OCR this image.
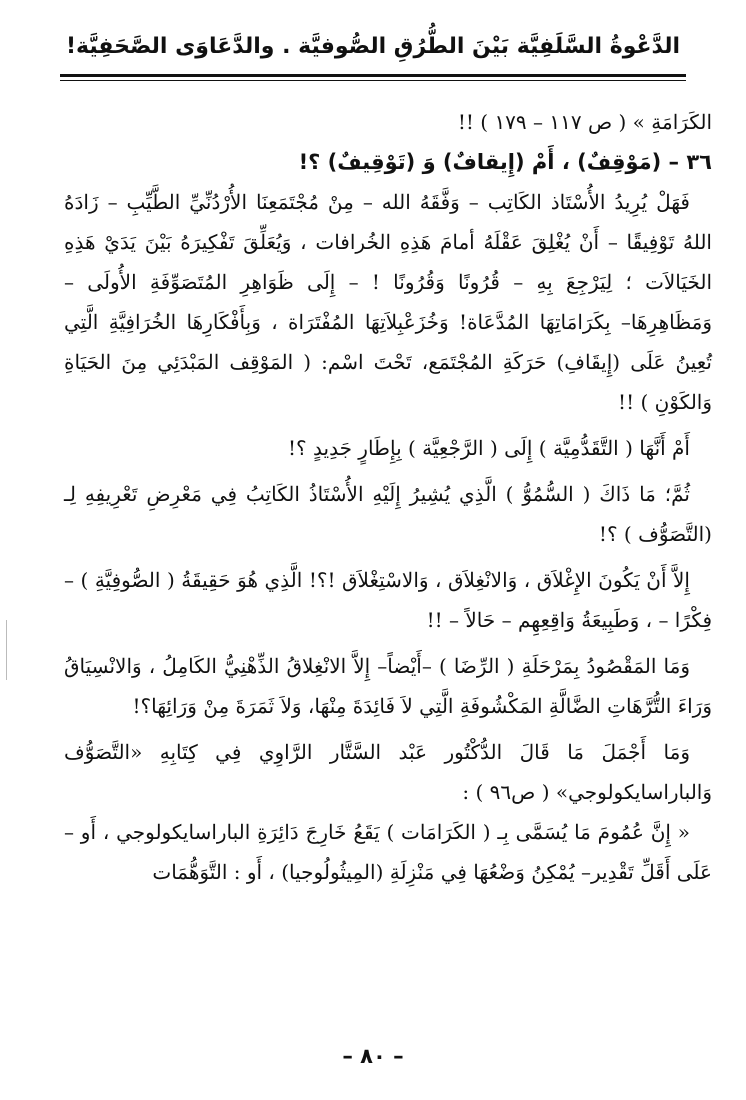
الدَّعْوةُ السَّلَفِيَّة بَيْنَ الطُّرُقِ الصُّوفيَّة . والدَّعَاوَى الصَّحَفِيَّة!

الكَرَامَةِ » ( ص ١١٧ – ١٧٩ ) !!

٣٦ – (مَوْقِفٌ) ، أَمْ (إِيقافٌ) وَ (تَوْقِيفٌ) ؟!

فَهَلْ يُرِيدُ الأُسْتَاذ الكَاتِب – وَفَّقَهُ الله – مِنْ مُجْتَمَعِنَا الأُرْدُنِّيِّ الطَّيِّبِ – زَادَهُ اللهُ تَوْفِيقًا – أَنْ يُغْلِقَ عَقْلَهُ أمامَ هَذِهِ الخُرافات ، وَيُعَلِّقَ تَفْكِيرَهُ بَيْنَ يَدَيْ هَذِهِ الخَيَالاَت ؛ لِيَرْجِعَ بِهِ – قُرُونًا وَقُرُونًا ! – إِلَى ظَوَاهِرِ المُتَصَوِّفَةِ الأُولَى –وَمَظَاهِرِهَا– بِكَرَامَاتِهَا المُدَّعَاة! وَخُزَعْبِلاَتِهَا المُفْتَرَاة ، وَبِأَفْكَارِهَا الخُرَافِيَّةِ الَّتِي تُعِينُ عَلَى (إِيقَافِ) حَرَكَةِ المُجْتَمَع، تَحْتَ اسْم: ( المَوْقِف المَبْدَئِي مِنَ الحَيَاةِ وَالكَوْنِ ) !!

أَمْ أَنَّهَا ( التَّقَدُّمِيَّة ) إِلَى ( الرَّجْعِيَّة ) بِإِطَارٍ جَدِيدٍ ؟!

ثُمَّ؛ مَا ذَاكَ ( السُّمُوُّ ) الَّذِي يُشِيرُ إِلَيْهِ الأُسْتَاذُ الكَاتِبُ فِي مَعْرِضِ تَعْرِيفِهِ لِـ (التَّصَوُّف ) ؟!

إِلاَّ أَنْ يَكُونَ الإِغْلاَق ، وَالانْغِلاَق ، وَالاسْتِغْلاَق !؟! الَّذِي هُوَ حَقِيقَةُ ( الصُّوفِيَّةِ ) – فِكْرًا – ، وَطَبِيعَةُ وَاقِعِهِم – حَالاً – !!

وَمَا المَقْصُودُ بِمَرْحَلَةِ ( الرِّضَا ) –أَيْضاً– إِلاَّ الانْغِلاقُ الذِّهْنِيُّ الكَامِلُ ، وَالانْسِيَاقُ وَرَاءَ التُّرَّهَاتِ الضَّالَّةِ المَكْشُوفَةِ الَّتِي لاَ فَائِدَةَ مِنْهَا، وَلاَ ثَمَرَةَ مِنْ وَرَائِهَا؟!

وَمَا أَجْمَلَ مَا قَالَ الدُّكْتُور عَبْد السَّتَّار الرَّاوِي فِي كِتَابِهِ «التَّصَوُّف وَالباراسايكولوجي» ( ص٩٦ ) :

« إِنَّ عُمُومَ مَا يُسَمَّى بِـ ( الكَرَامَات ) يَقَعُ خَارِجَ دَائِرَةِ الباراسايكولوجي ، أَو –عَلَى أَقَلِّ تَقْدِير– يُمْكِنُ وَضْعُهَا فِي مَنْزِلَةِ (المِيثُولُوجيا) ، أَو : التَّوَهُّمَات

– ٨٠ –
